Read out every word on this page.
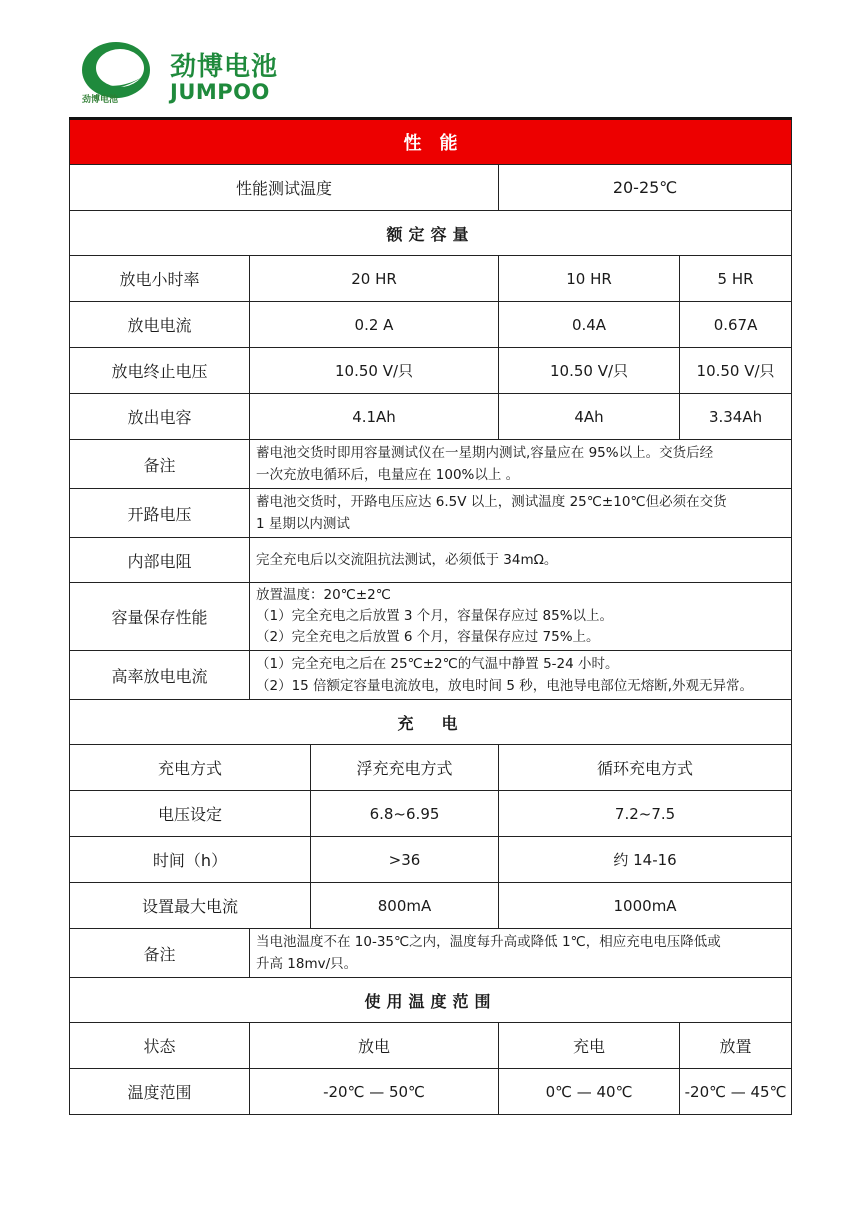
劲博电池
劲博电池
JUMPOO
性　能				
性能测试温度			20-25℃	
额定容量				
放电小时率	20 HR		10 HR	5 HR
放电电流	0.2 A		0.4A	0.67A
放电终止电压	10.50 V/只		10.50 V/只	10.50 V/只
放出电容	4.1Ah		4Ah	3.34Ah
备注	蓄电池交货时即用容量测试仪在一星期内测试,容量应在 95%以上。交货后经
一次充放电循环后，电量应在 100%以上 。			

开路电压	蓄电池交货时，开路电压应达 6.5V 以上，测试温度 25℃±10℃但必须在交货
1 星期以内测试			

内部电阻	完全充电后以交流阻抗法测试，必须低于 34mΩ。			

容量保存性能	放置温度：20℃±2℃
（1）完全充电之后放置 3 个月，容量保存应过 85%以上。
（2）完全充电之后放置 6 个月，容量保存应过 75%上。			

高率放电电流	（1）完全充电之后在 25℃±2℃的气温中静置 5-24 小时。
（2）15 倍额定容量电流放电，放电时间 5 秒，电池导电部位无熔断,外观无异常。			

充　电				
充电方式		浮充充电方式	循环充电方式	
电压设定		6.8~6.95	7.2~7.5	
时间（h）		>36	约 14-16	
设置最大电流		800mA	1000mA	
备注	当电池温度不在 10-35℃之内，温度每升高或降低 1℃，相应充电电压降低或
升高 18mv/只。			

使用温度范围				
状态	放电		充电	放置
温度范围	-20℃ — 50℃		0℃ — 40℃	-20℃ — 45℃
